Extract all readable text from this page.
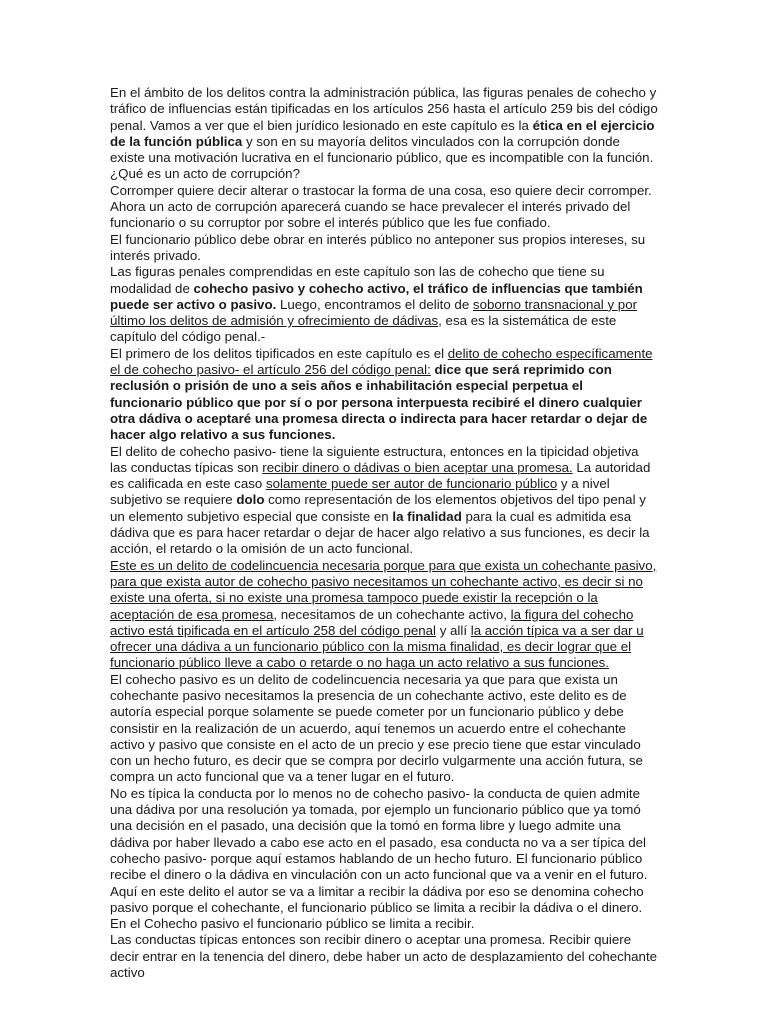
En el ámbito de los delitos contra la administración pública, las figuras penales de cohecho y tráfico de influencias están tipificadas en los artículos 256 hasta el artículo 259 bis del código penal. Vamos a ver que el bien jurídico lesionado en este capítulo es la ética en el ejercicio de la función pública y son en su mayoría delitos vinculados con la corrupción donde existe una motivación lucrativa en el funcionario público, que es incompatible con la función.

¿Qué es un acto de corrupción?

Corromper quiere decir alterar o trastocar la forma de una cosa, eso quiere decir corromper. Ahora un acto de corrupción aparecerá cuando se hace prevalecer el interés privado del funcionario o su corruptor por sobre el interés público que les fue confiado.

El funcionario público debe obrar en interés público no anteponer sus propios intereses, su interés privado.

Las figuras penales comprendidas en este capítulo son las de cohecho que tiene su modalidad de cohecho pasivo y cohecho activo, el tráfico de influencias que también puede ser activo o pasivo. Luego, encontramos el delito de soborno transnacional y por último los delitos de admisión y ofrecimiento de dádivas, esa es la sistemática de este capítulo del código penal.-

El primero de los delitos tipificados en este capítulo es el delito de cohecho específicamente el de cohecho pasivo- el artículo 256 del código penal: dice que será reprimido con reclusión o prisión de uno a seis años e inhabilitación especial perpetua el funcionario público que por sí o por persona interpuesta recibiré el dinero cualquier otra dádiva o aceptaré una promesa directa o indirecta para hacer retardar o dejar de hacer algo relativo a sus funciones.

El delito de cohecho pasivo- tiene la siguiente estructura, entonces en la tipicidad objetiva las conductas típicas son recibir dinero o dádivas o bien aceptar una promesa. La autoridad es calificada en este caso solamente puede ser autor de funcionario público y a nivel subjetivo se requiere dolo como representación de los elementos objetivos del tipo penal y un elemento subjetivo especial que consiste en la finalidad para la cual es admitida esa dádiva que es para hacer retardar o dejar de hacer algo relativo a sus funciones, es decir la acción, el retardo o la omisión de un acto funcional.

Este es un delito de codelincuencia necesaria porque para que exista un cohechante pasivo, para que exista autor de cohecho pasivo necesitamos un cohechante activo, es decir si no existe una oferta, si no existe una promesa tampoco puede existir la recepción o la aceptación de esa promesa, necesitamos de un cohechante activo, la figura del cohecho activo está tipificada en el artículo 258 del código penal y allí la acción típica va a ser dar u ofrecer una dádiva a un funcionario público con la misma finalidad, es decir lograr que el funcionario público lleve a cabo o retarde o no haga un acto relativo a sus funciones.

El cohecho pasivo es un delito de codelincuencia necesaria ya que para que exista un cohechante pasivo necesitamos la presencia de un cohechante activo, este delito es de autoría especial porque solamente se puede cometer por un funcionario público y debe consistir en la realización de un acuerdo, aquí tenemos un acuerdo entre el cohechante activo y pasivo que consiste en el acto de un precio y ese precio tiene que estar vinculado con un hecho futuro, es decir que se compra por decirlo vulgarmente una acción futura, se compra un acto funcional que va a tener lugar en el futuro.

No es típica la conducta por lo menos no de cohecho pasivo- la conducta de quien admite una dádiva por una resolución ya tomada, por ejemplo un funcionario público que ya tomó una decisión en el pasado, una decisión que la tomó en forma libre y luego admite una dádiva por haber llevado a cabo ese acto en el pasado, esa conducta no va a ser típica del cohecho pasivo- porque aquí estamos hablando de un hecho futuro. El funcionario público recibe el dinero o la dádiva en vinculación con un acto funcional que va a venir en el futuro.

Aquí en este delito el autor se va a limitar a recibir la dádiva por eso se denomina cohecho pasivo porque el cohechante, el funcionario público se limita a recibir la dádiva o el dinero.

En el Cohecho pasivo el funcionario público se limita a recibir.

Las conductas típicas entonces son recibir dinero o aceptar una promesa. Recibir quiere decir entrar en la tenencia del dinero, debe haber un acto de desplazamiento del cohechante activo
